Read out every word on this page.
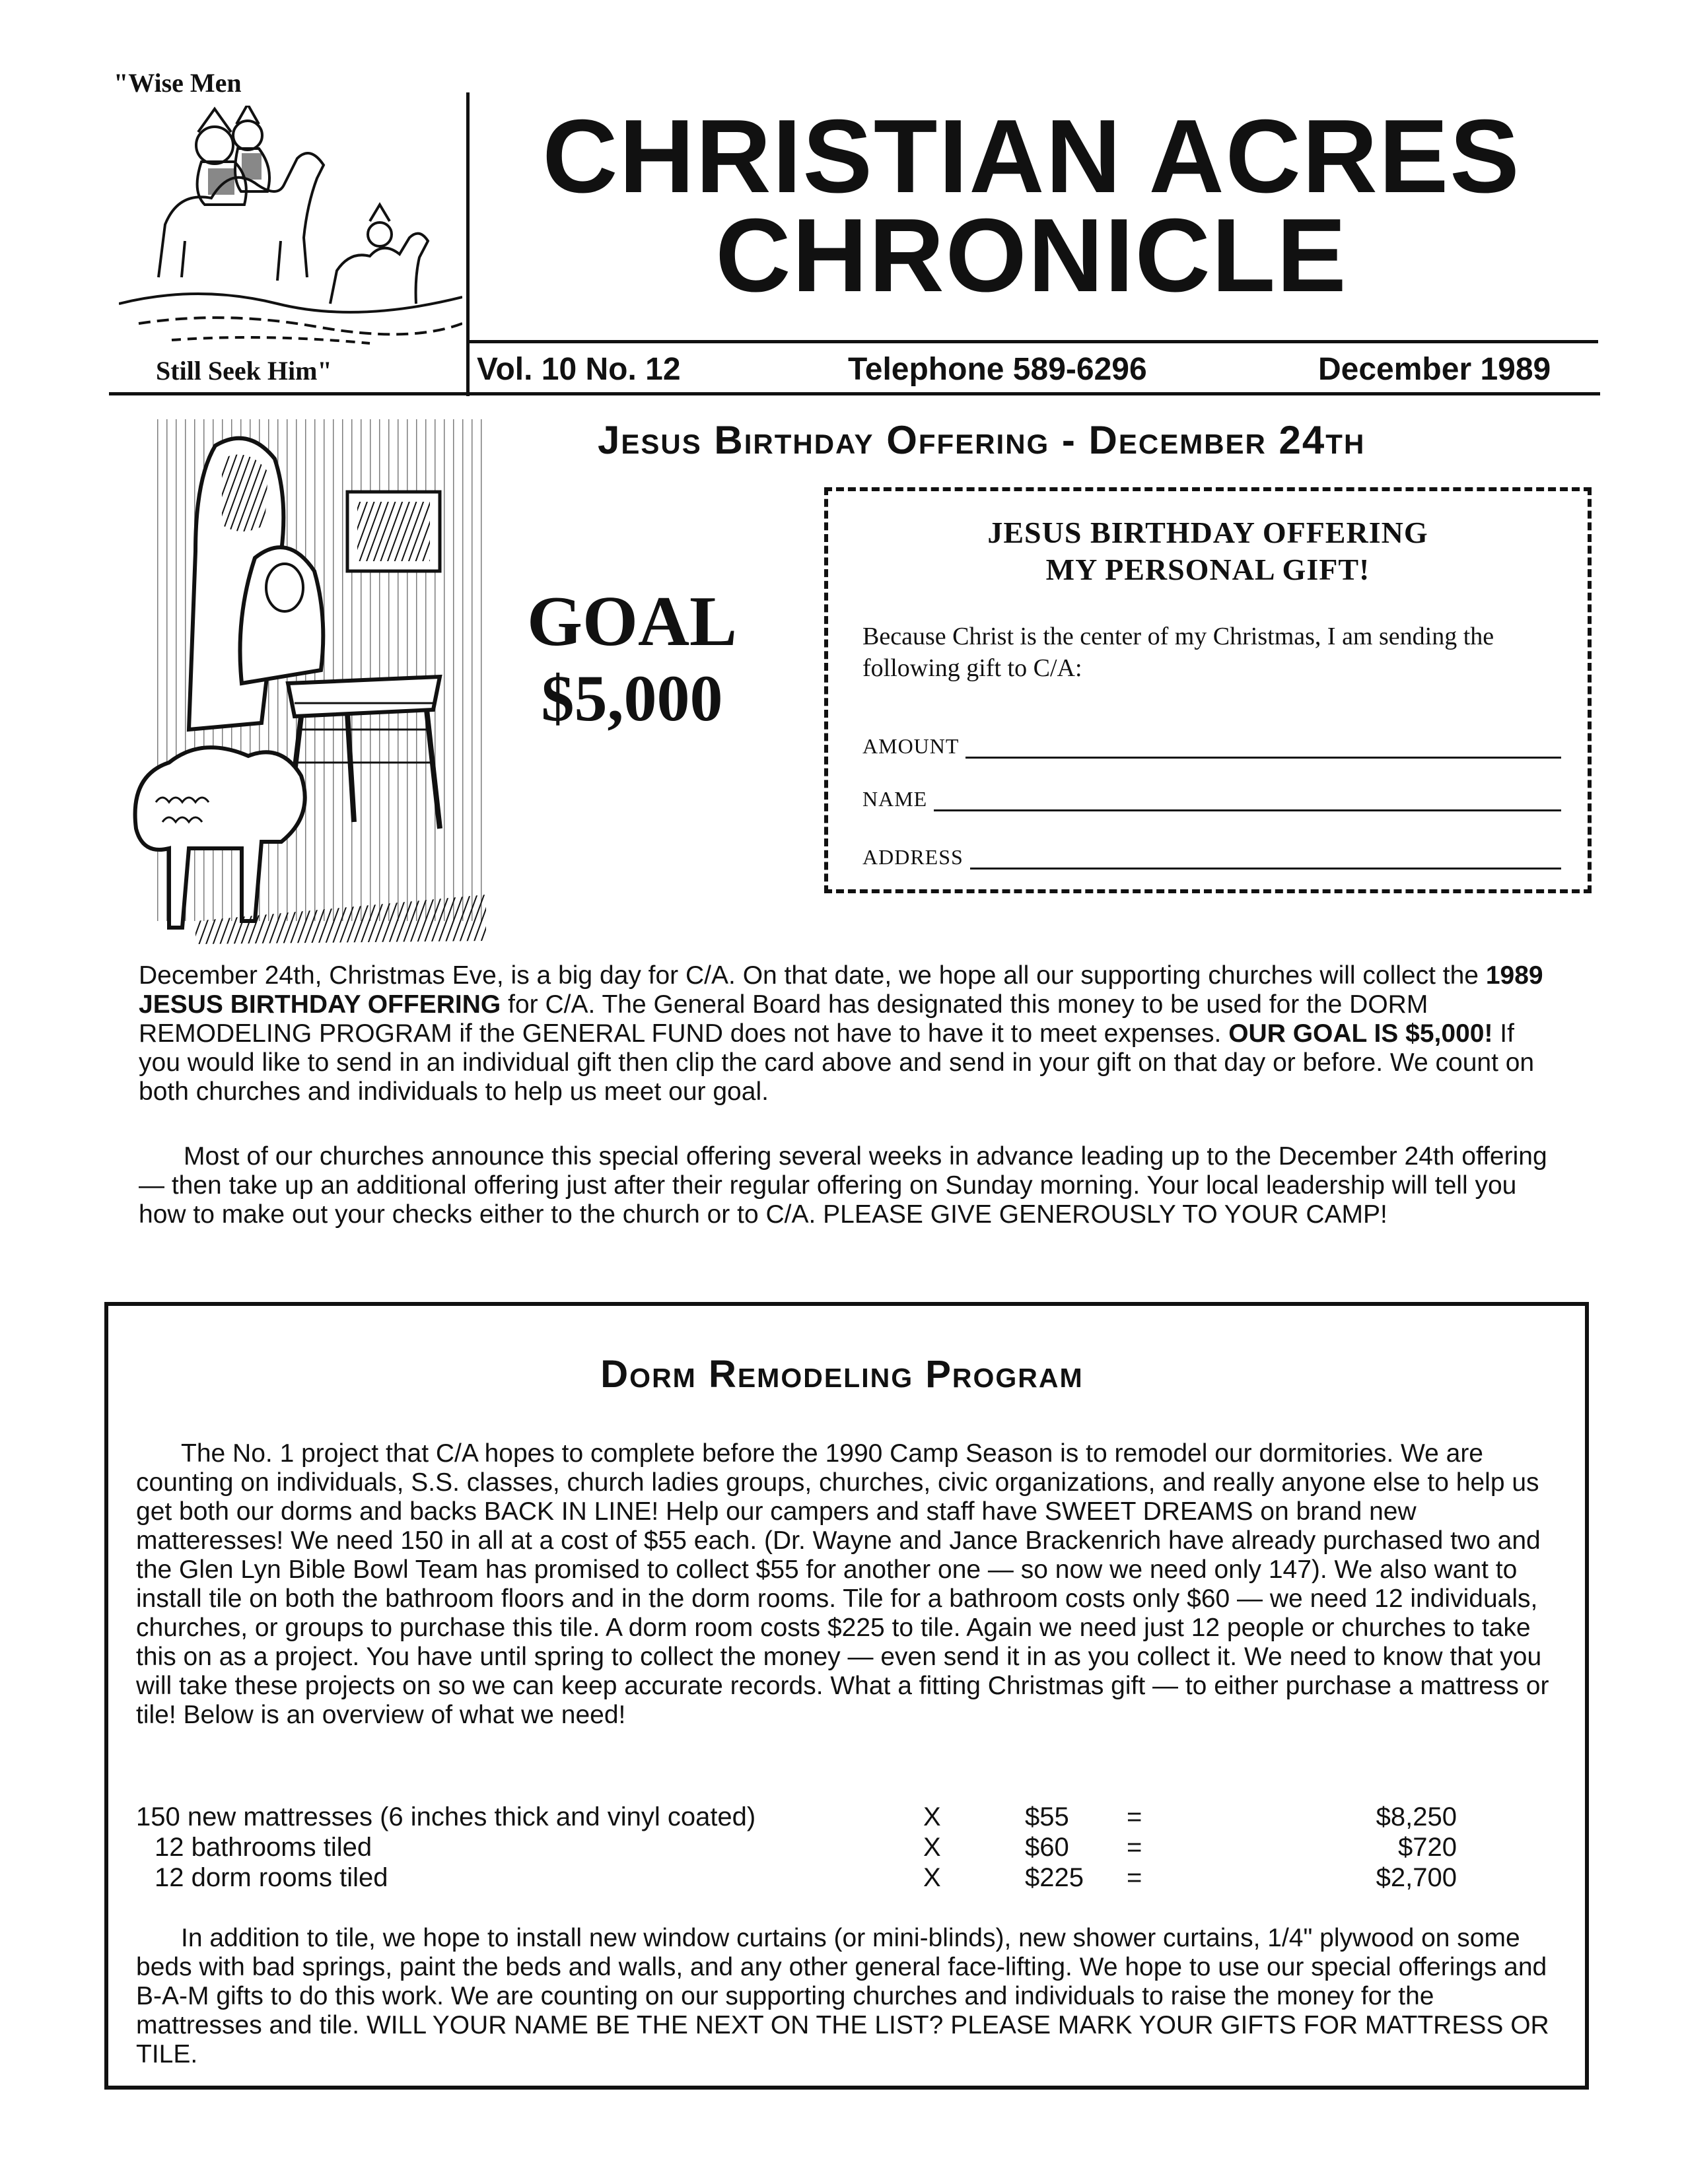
"Wise Men
Still Seek Him"
CHRISTIAN ACRES
CHRONICLE
Vol. 10 No. 12	Telephone 589-6296	December 1989
Jesus Birthday Offering - December 24th
GOAL
$5,000
JESUS BIRTHDAY OFFERING
MY PERSONAL GIFT!
Because Christ is the center of my Christmas, I am sending the following gift to C/A:
AMOUNT
NAME
ADDRESS
December 24th, Christmas Eve, is a big day for C/A. On that date, we hope all our supporting churches will collect the 1989 JESUS BIRTHDAY OFFERING for C/A. The General Board has designated this money to be used for the DORM REMODELING PROGRAM if the GENERAL FUND does not have to have it to meet expenses. OUR GOAL IS $5,000! If you would like to send in an individual gift then clip the card above and send in your gift on that day or before. We count on both churches and individuals to help us meet our goal.
Most of our churches announce this special offering several weeks in advance leading up to the December 24th offering — then take up an additional offering just after their regular offering on Sunday morning. Your local leadership will tell you how to make out your checks either to the church or to C/A. PLEASE GIVE GENEROUSLY TO YOUR CAMP!
Dorm Remodeling Program
The No. 1 project that C/A hopes to complete before the 1990 Camp Season is to remodel our dormitories. We are counting on individuals, S.S. classes, church ladies groups, churches, civic organizations, and really anyone else to help us get both our dorms and backs BACK IN LINE! Help our campers and staff have SWEET DREAMS on brand new matteresses! We need 150 in all at a cost of $55 each. (Dr. Wayne and Jance Brackenrich have already purchased two and the Glen Lyn Bible Bowl Team has promised to collect $55 for another one — so now we need only 147). We also want to install tile on both the bathroom floors and in the dorm rooms. Tile for a bathroom costs only $60 — we need 12 individuals, churches, or groups to purchase this tile. A dorm room costs $225 to tile. Again we need just 12 people or churches to take this on as a project. You have until spring to collect the money — even send it in as you collect it. We need to know that you will take these projects on so we can keep accurate records. What a fitting Christmas gift — to either purchase a mattress or tile! Below is an overview of what we need!
150 new mattresses (6 inches thick and vinyl coated)	X	$55 =	$8,250
12 bathrooms tiled	X	$60 =	$720
12 dorm rooms tiled	X	$225 =	$2,700
In addition to tile, we hope to install new window curtains (or mini-blinds), new shower curtains, 1/4" plywood on some beds with bad springs, paint the beds and walls, and any other general face-lifting. We hope to use our special offerings and B-A-M gifts to do this work. We are counting on our supporting churches and individuals to raise the money for the mattresses and tile. WILL YOUR NAME BE THE NEXT ON THE LIST? PLEASE MARK YOUR GIFTS FOR MATTRESS OR TILE.
